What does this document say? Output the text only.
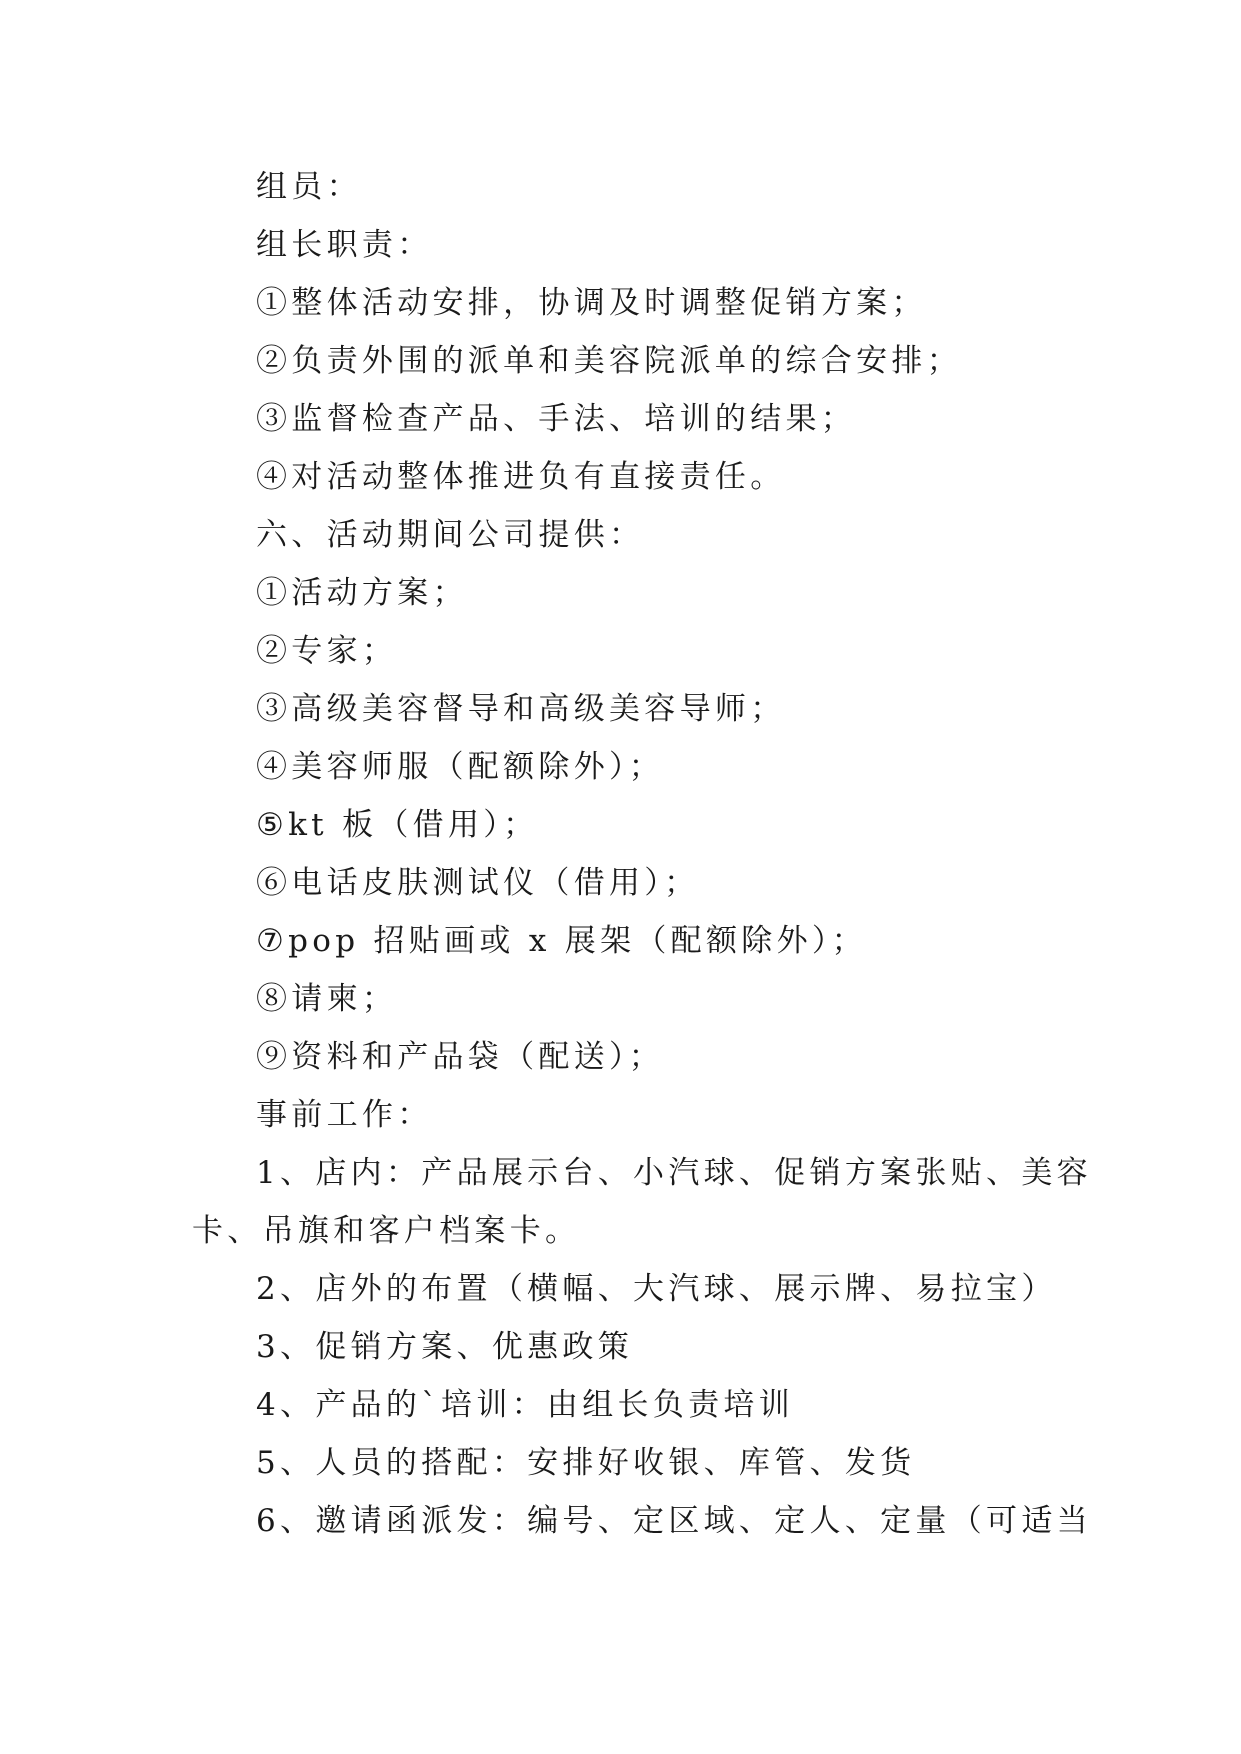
组员：
组长职责：
①整体活动安排，协调及时调整促销方案；
②负责外围的派单和美容院派单的综合安排；
③监督检查产品、手法、培训的结果；
④对活动整体推进负有直接责任。
六、活动期间公司提供：
①活动方案；
②专家；
③高级美容督导和高级美容导师；
④美容师服（配额除外）；
⑤kt 板（借用）；
⑥电话皮肤测试仪（借用）；
⑦pop 招贴画或 x 展架（配额除外）；
⑧请柬；
⑨资料和产品袋（配送）；
事前工作：
1、店内：产品展示台、小汽球、促销方案张贴、美容
卡、吊旗和客户档案卡。
2、店外的布置（横幅、大汽球、展示牌、易拉宝）
3、促销方案、优惠政策
4、产品的`培训：由组长负责培训
5、人员的搭配：安排好收银、库管、发货
6、邀请函派发：编号、定区域、定人、定量（可适当
